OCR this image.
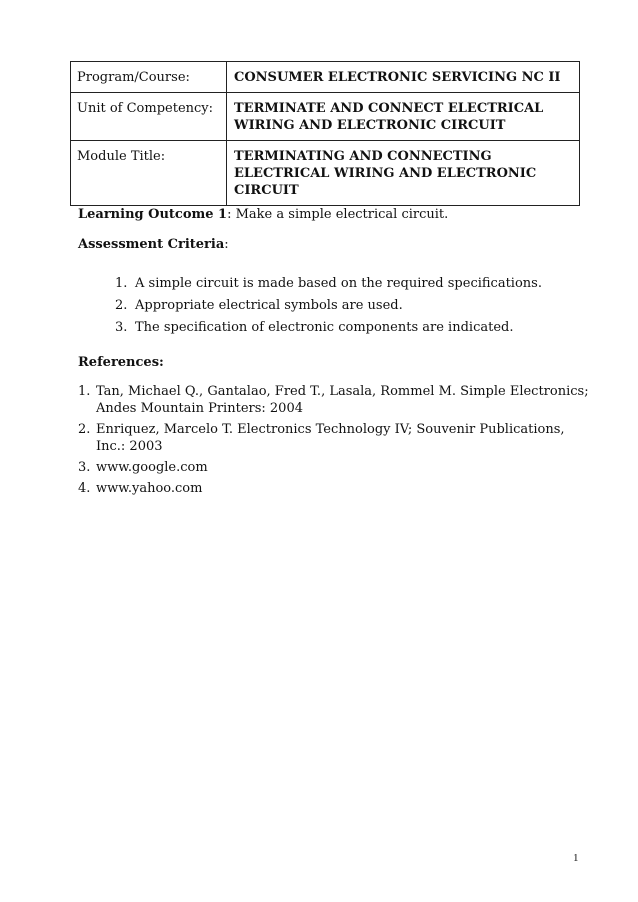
Program/Course:	CONSUMER ELECTRONIC SERVICING NC II
Unit of Competency:	TERMINATE AND CONNECT ELECTRICAL WIRING AND ELECTRONIC CIRCUIT
Module Title:	TERMINATING AND CONNECTING ELECTRICAL WIRING AND ELECTRONIC CIRCUIT
Learning Outcome 1: Make a simple electrical circuit.
Assessment Criteria:
1. A simple circuit is made based on the required specifications.
2. Appropriate electrical symbols are used.
3. The specification of electronic components are indicated.
References:
1. Tan, Michael Q., Gantalao, Fred T., Lasala, Rommel M. Simple Electronics; Andes Mountain Printers: 2004
2. Enriquez, Marcelo T. Electronics Technology IV; Souvenir Publications, Inc.: 2003
3. www.google.com
4. www.yahoo.com
1
